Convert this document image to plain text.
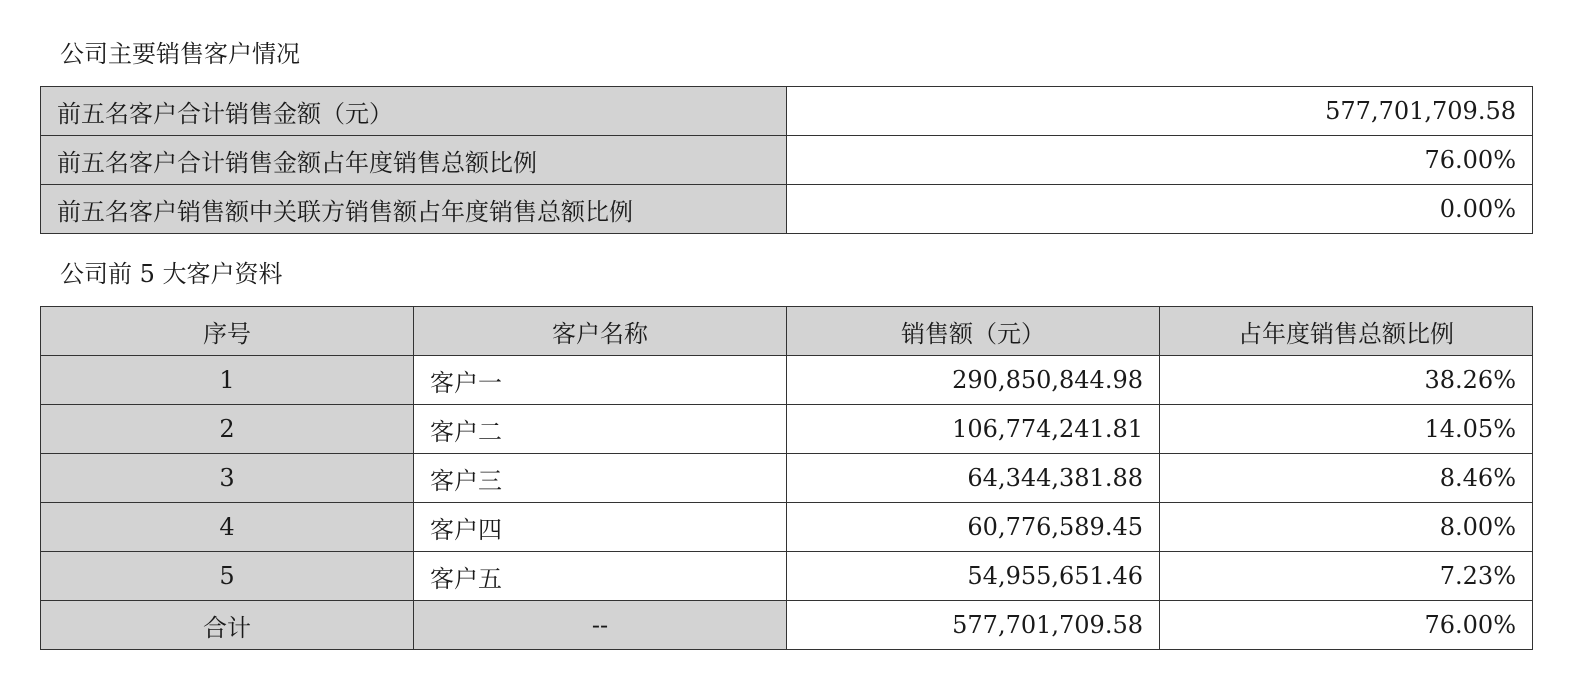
公司主要销售客户情况
前五名客户合计销售金额（元）	577,701,709.58
前五名客户合计销售金额占年度销售总额比例	76.00%
前五名客户销售额中关联方销售额占年度销售总额比例	0.00%
公司前 5 大客户资料
序号	客户名称	销售额（元）	占年度销售总额比例
1	客户一	290,850,844.98	38.26%
2	客户二	106,774,241.81	14.05%
3	客户三	64,344,381.88	8.46%
4	客户四	60,776,589.45	8.00%
5	客户五	54,955,651.46	7.23%
合计	--	577,701,709.58	76.00%
